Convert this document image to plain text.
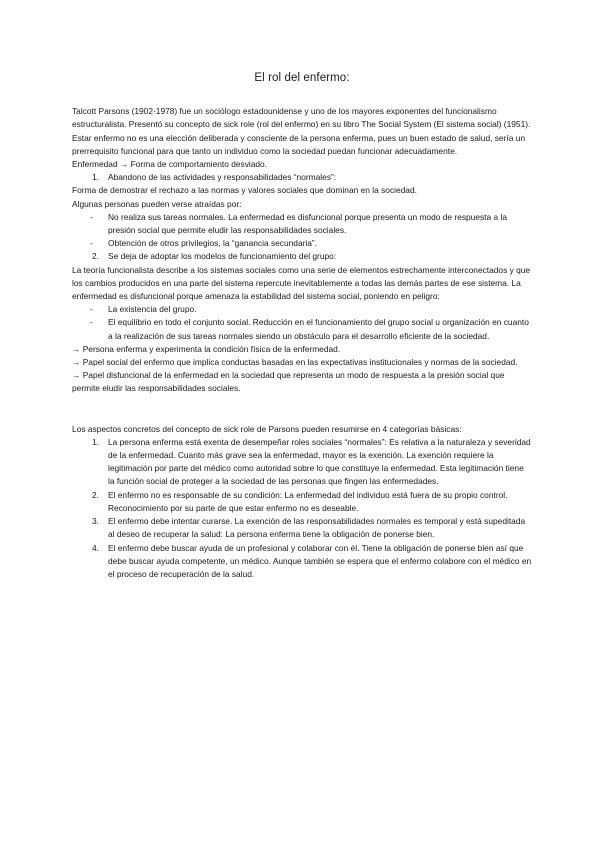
El rol del enfermo:

Talcott Parsons (1902-1978) fue un sociólogo estadounidense y uno de los mayores exponentes del funcionalismo estructuralista. Presentó su concepto de sick role (rol del enfermo) en su libro The Social System (El sistema social) (1951).

Estar enfermo no es una elección deliberada y consciente de la persona enferma, pues un buen estado de salud, sería un prerrequisito funcional para que tanto un individuo como la sociedad puedan funcionar adecuadamente.

Enfermedad → Forma de comportamiento desviado.

1. Abandono de las actividades y responsabilidades “normales”:

Forma de demostrar el rechazo a las normas y valores sociales que dominan en la sociedad.

Algunas personas pueden verse atraídas por:

- No realiza sus tareas normales. La enfermedad es disfuncional porque presenta un modo de respuesta a la presión social que permite eludir las responsabilidades sociales.
- Obtención de otros privilegios, la “ganancia secundaria”.
2. Se deja de adoptar los modelos de funcionamiento del grupo:

La teoría funcionalista describe a los sistemas sociales como una serie de elementos estrechamente interconectados y que los cambios producidos en una parte del sistema repercute inevitablemente a todas las demás partes de ese sistema. La enfermedad es disfuncional porque amenaza la estabilidad del sistema social, poniendo en peligro:

- La existencia del grupo.
- El equilibrio en todo el conjunto social. Reducción en el funcionamiento del grupo social u organización en cuanto a la realización de sus tareas normales siendo un obstáculo para el desarrollo eficiente de la sociedad.

→ Persona enferma y experimenta la condición física de la enfermedad.

→ Papel social del enfermo que implica conductas basadas en las expectativas institucionales y normas de la sociedad.

→ Papel disfuncional de la enfermedad en la sociedad que representa un modo de respuesta a la presión social que permite eludir las responsabilidades sociales.

Los aspectos concretos del concepto de sick role de Parsons pueden resumirse en 4 categorías básicas:

1. La persona enferma está exenta de desempeñar roles sociales “normales”: Es relativa a la naturaleza y severidad de la enfermedad. Cuanto más grave sea la enfermedad, mayor es la exención. La exención requiere la legitimación por parte del médico como autoridad sobre lo que constituye la enfermedad. Esta legitimación tiene la función social de proteger a la sociedad de las personas que fingen las enfermedades.
2. El enfermo no es responsable de su condición: La enfermedad del individuo está fuera de su propio control. Reconocimiento por su parte de que estar enfermo no es deseable.
3. El enfermo debe intentar curarse. La exención de las responsabilidades normales es temporal y está supeditada al deseo de recuperar la salud: La persona enferma tiene la obligación de ponerse bien.
4. El enfermo debe buscar ayuda de un profesional y colaborar con él. Tiene la obligación de ponerse bien así que debe buscar ayuda competente, un médico. Aunque también se espera que el enfermo colabore con el médico en el proceso de recuperación de la salud.
